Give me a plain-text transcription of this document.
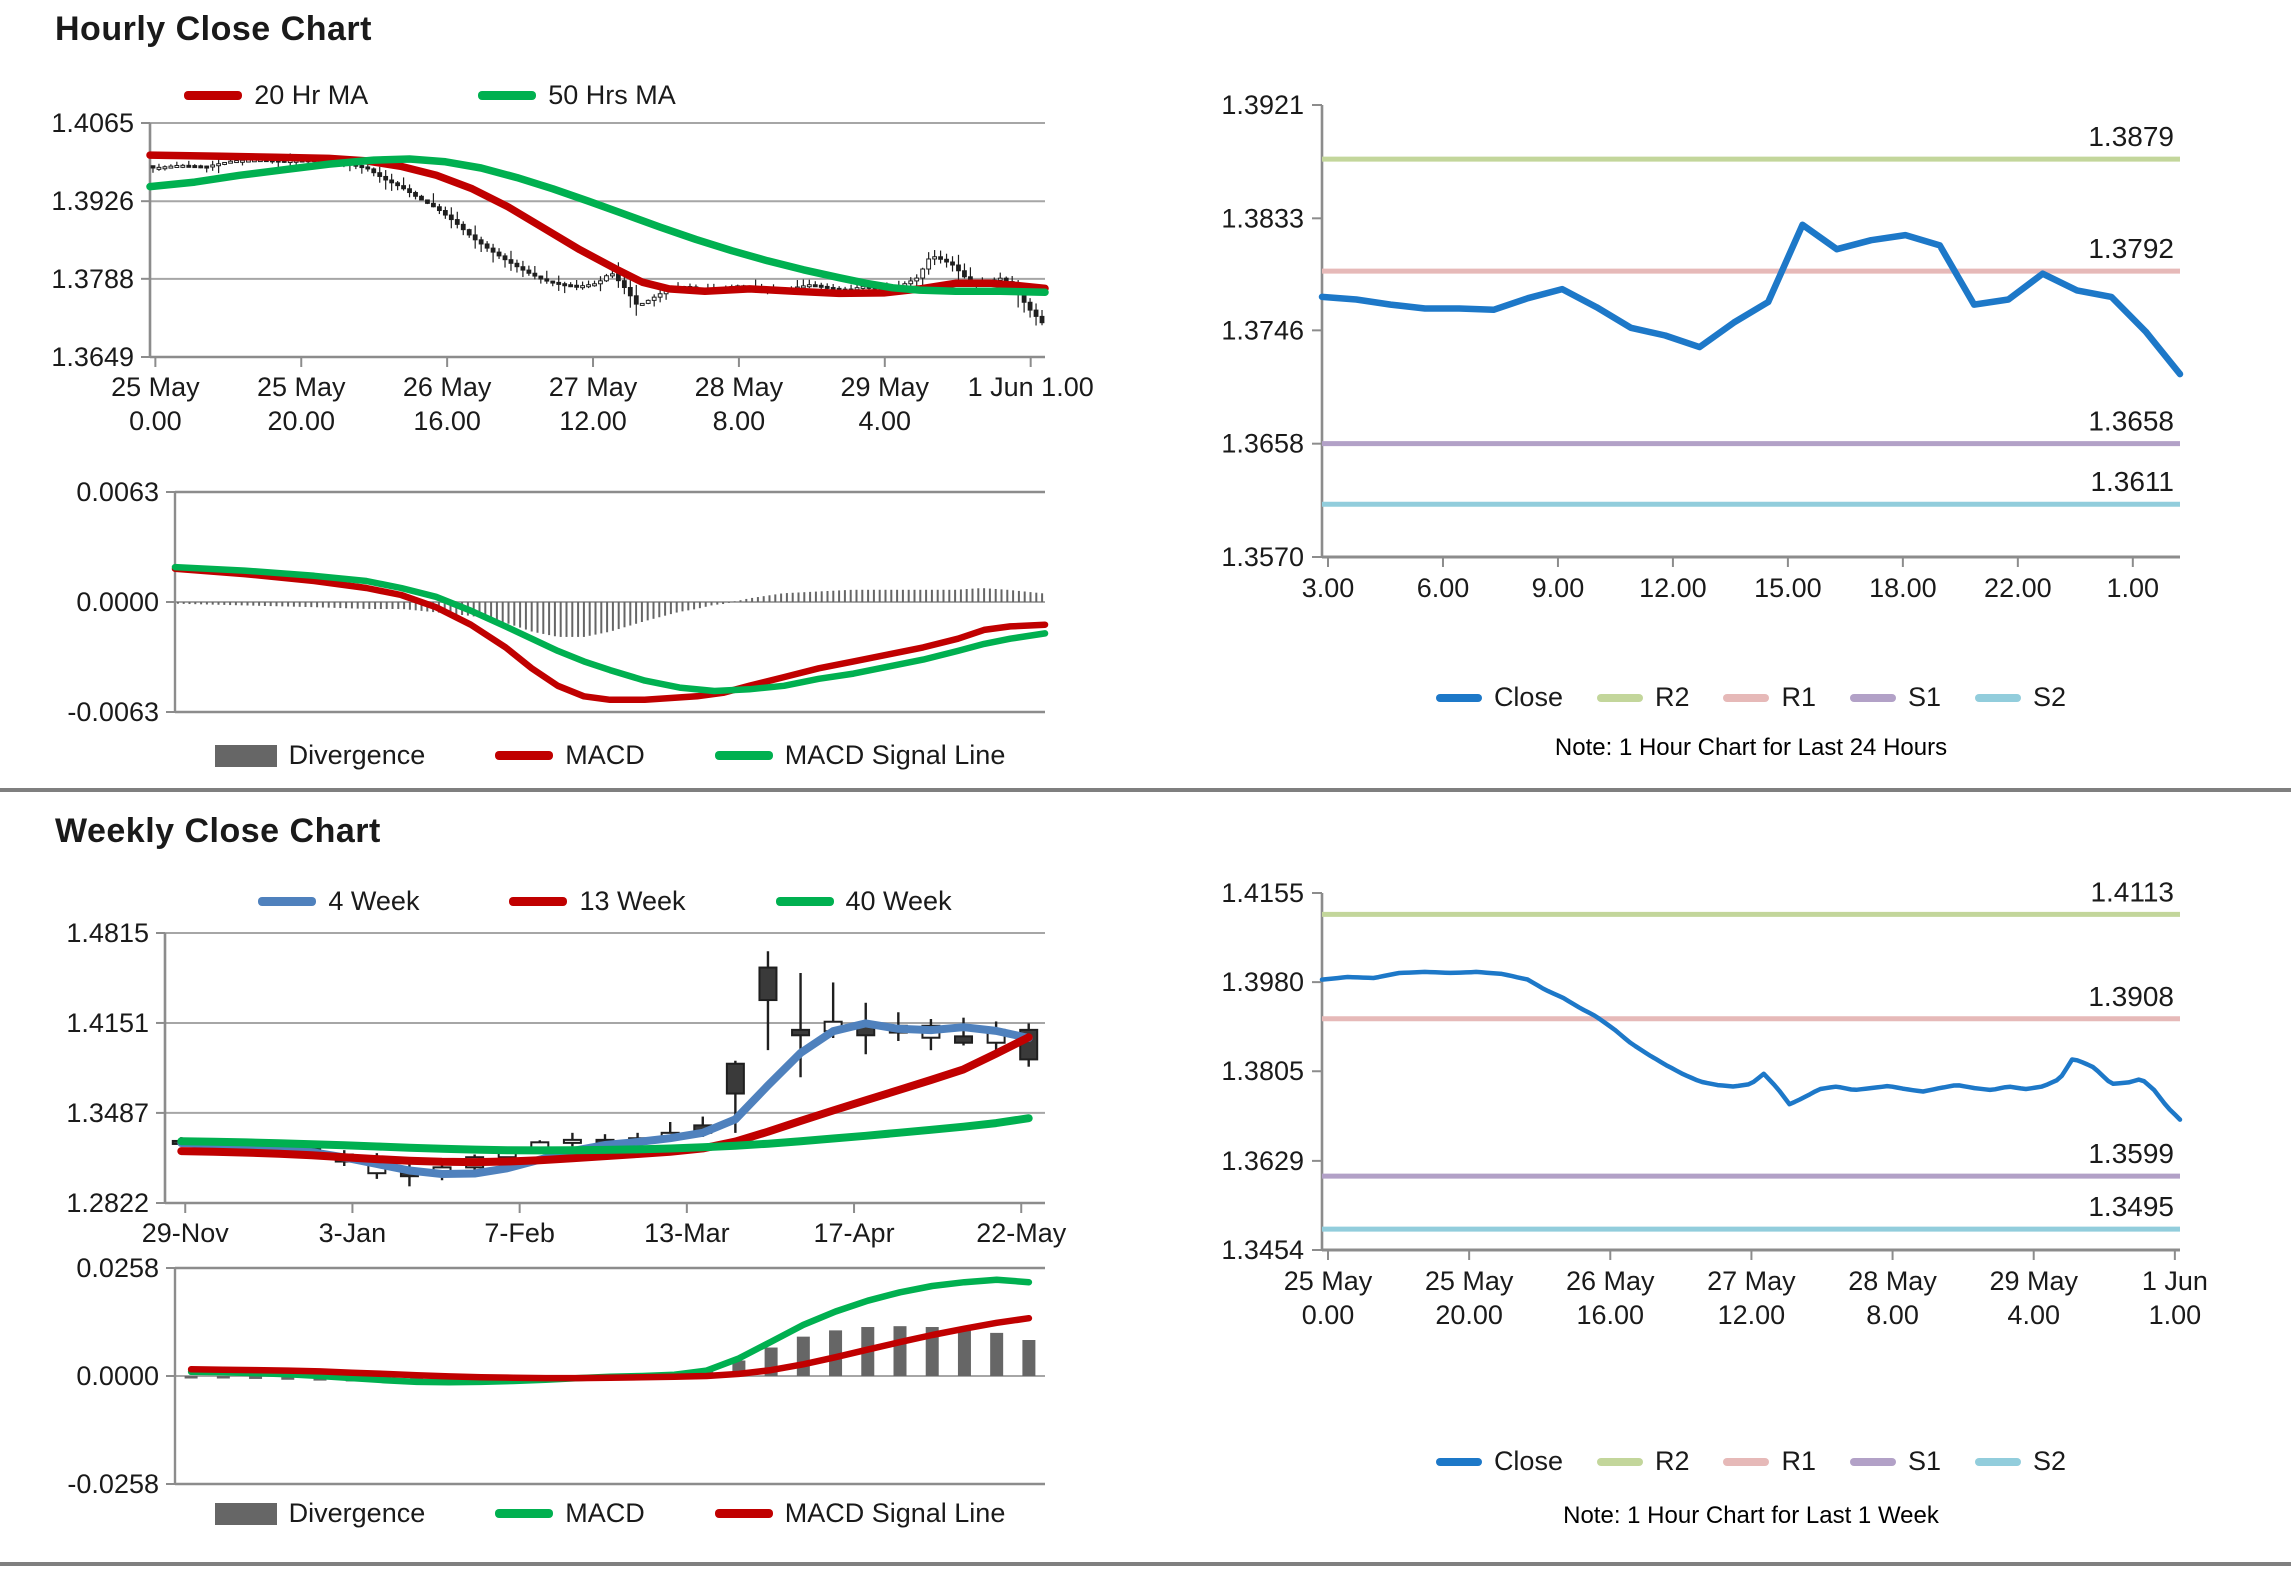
1.4065
1.3926
1.3788
1.3649
25 May
0.00
25 May
20.00
26 May
16.00
27 May
12.00
28 May
8.00
29 May
4.00
1 Jun 1.00
0.0063
0.0000
-0.0063
1.3921
1.3833
1.3746
1.3658
1.3570
3.00 6.00 9.00 12.00 15.00 18.00 22.00 1.00
1.3879
1.3792
1.3658
1.3611
1.4155
1.3980
1.3805
1.3629
1.3454
25 May
0.00
25 May
20.00
26 May
16.00
27 May
12.00
28 May
8.00
29 May
4.00
1 Jun
1.00
1.4113
1.3908
1.3599
1.3495
1.4815
1.4151
1.3487
1.2822
29-Nov	3-Jan	7-Feb	13-Mar	17-Apr	22-May
0.0258
0.0000
-0.0258
Hourly Close Chart
Weekly Close Chart
20 Hr MA	50 Hrs MA
Divergence	MACD	MACD Signal Line
Close	R2	R1	S1	S2
4 Week	13 Week	40 Week
Divergence	MACD	MACD Signal Line
Close	R2	R1	S1	S2
Note: 1 Hour Chart for Last 24 Hours
Note: 1 Hour Chart for Last 1 Week
